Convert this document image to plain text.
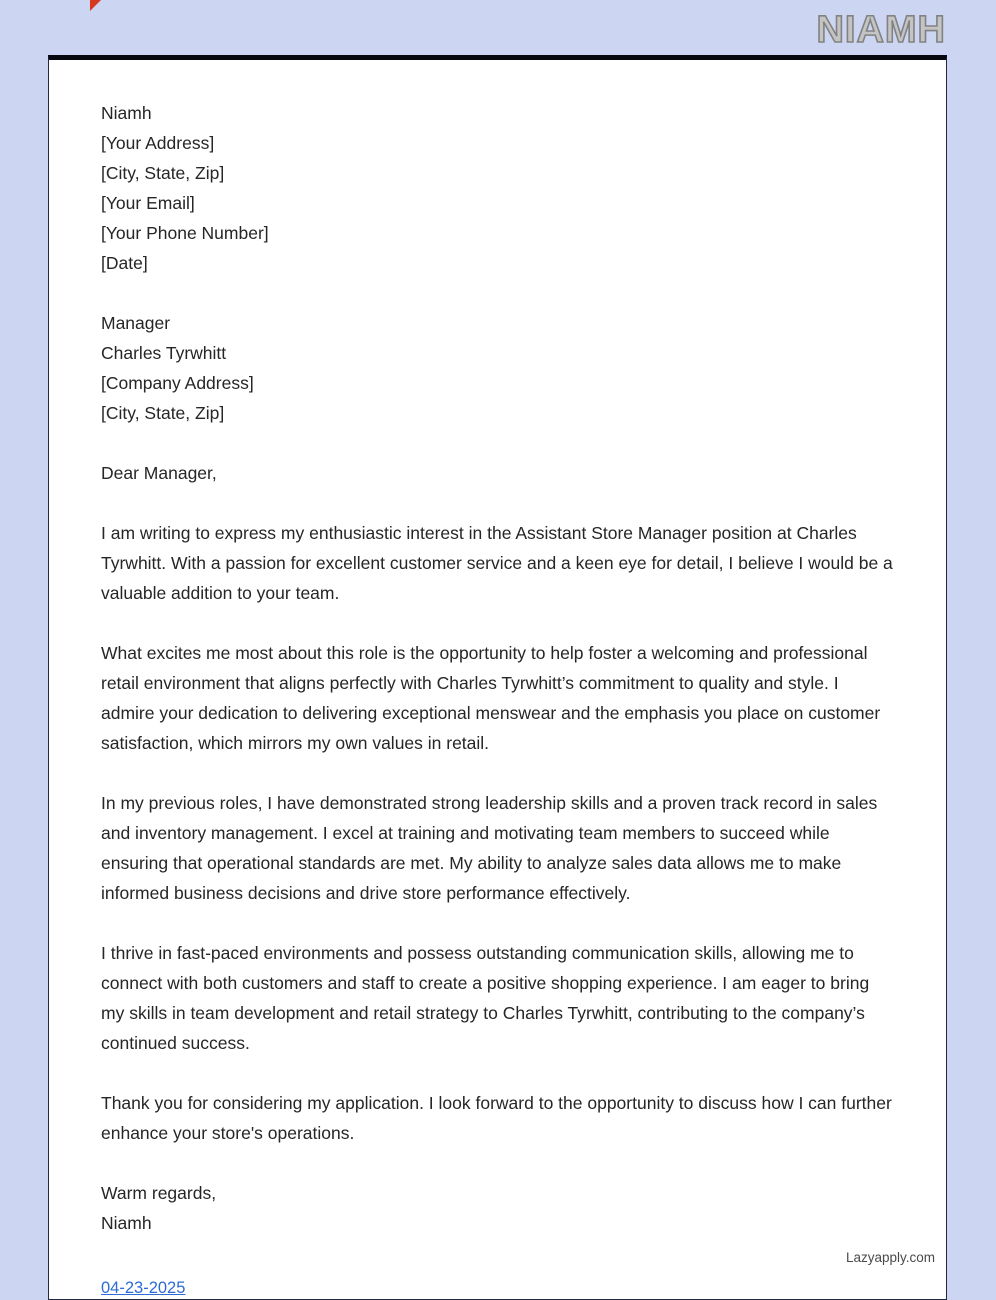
NIAMH
Niamh
[Your Address]
[City, State, Zip]
[Your Email]
[Your Phone Number]
[Date]
Manager
Charles Tyrwhitt
[Company Address]
[City, State, Zip]
Dear Manager,

I am writing to express my enthusiastic interest in the Assistant Store Manager position at Charles Tyrwhitt. With a passion for excellent customer service and a keen eye for detail, I believe I would be a valuable addition to your team.

What excites me most about this role is the opportunity to help foster a welcoming and professional retail environment that aligns perfectly with Charles Tyrwhitt’s commitment to quality and style. I admire your dedication to delivering exceptional menswear and the emphasis you place on customer satisfaction, which mirrors my own values in retail.

In my previous roles, I have demonstrated strong leadership skills and a proven track record in sales and inventory management. I excel at training and motivating team members to succeed while ensuring that operational standards are met. My ability to analyze sales data allows me to make informed business decisions and drive store performance effectively.

I thrive in fast-paced environments and possess outstanding communication skills, allowing me to connect with both customers and staff to create a positive shopping experience. I am eager to bring my skills in team development and retail strategy to Charles Tyrwhitt, contributing to the company’s continued success.

Thank you for considering my application. I look forward to the opportunity to discuss how I can further enhance your store's operations.

Warm regards,
Niamh
Lazyapply.com
04-23-2025
